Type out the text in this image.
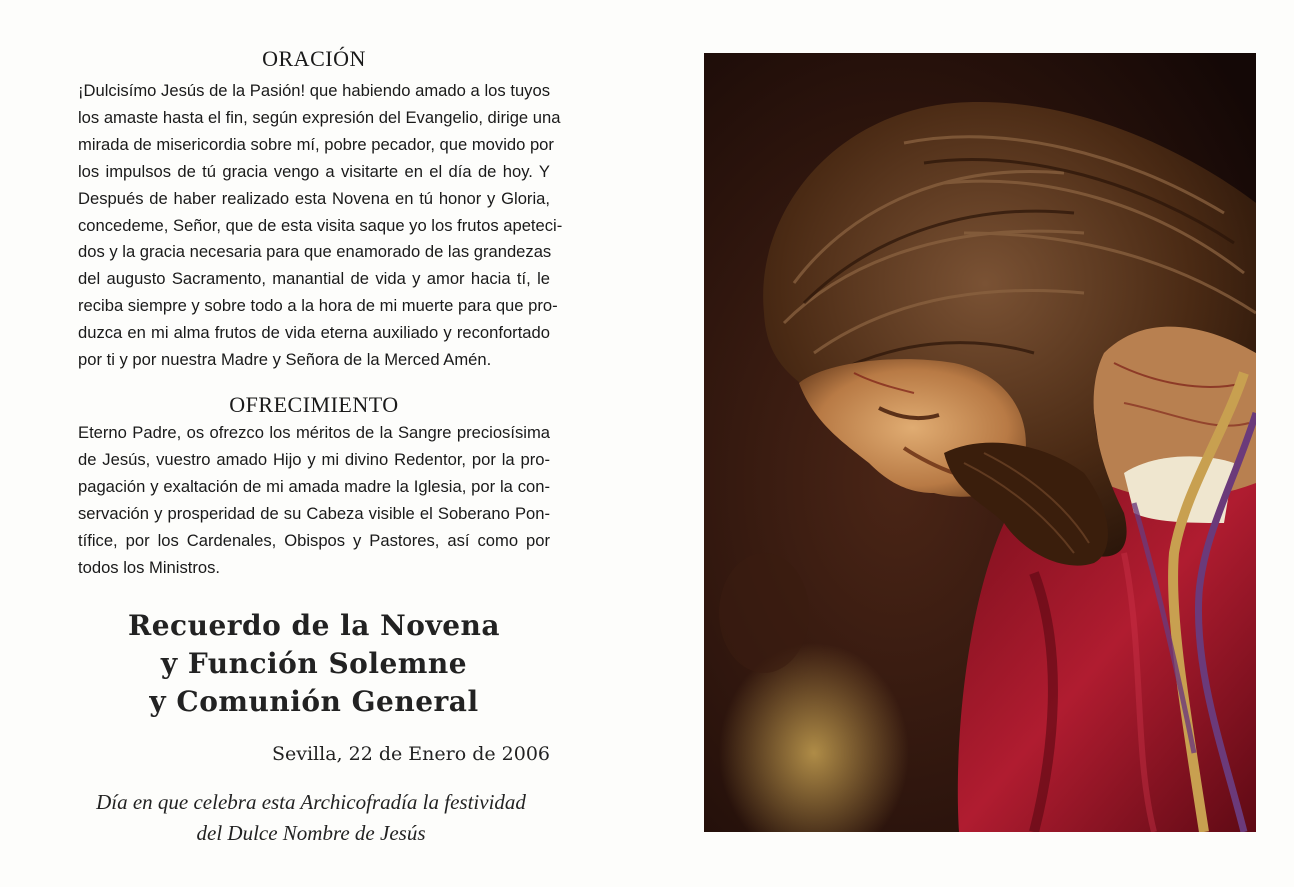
ORACIÓN

¡Dulcisímo Jesús de la Pasión! que habiendo amado a los tuyos
los amaste hasta el fin, según expresión del Evangelio, dirige una
mirada de misericordia sobre mí, pobre pecador, que movido por
los impulsos de tú gracia vengo a visitarte en el día de hoy. Y
Después de haber realizado esta Novena en tú honor y Gloria,
concedeme, Señor, que de esta visita saque yo los frutos apeteci-
dos y la gracia necesaria para que enamorado de las grandezas
del augusto Sacramento, manantial de vida y amor hacia tí, le
reciba siempre y sobre todo a la hora de mi muerte para que pro-
duzca en mi alma frutos de vida eterna auxiliado y reconfortado
por ti y por nuestra Madre y Señora de la Merced Amén.

OFRECIMIENTO

Eterno Padre, os ofrezco los méritos de la Sangre preciosísima
de Jesús, vuestro amado Hijo y mi divino Redentor, por la pro-
pagación y exaltación de mi amada madre la Iglesia, por la con-
servación y prosperidad de su Cabeza visible el Soberano Pon-
tífice, por los Cardenales, Obispos y Pastores, así como por
todos los Ministros.

Recuerdo de la Novena
y Función Solemne
y Comunión General
Sevilla, 22 de Enero de 2006
Día en que celebra esta Archicofradía la festividad
del Dulce Nombre de Jesús
